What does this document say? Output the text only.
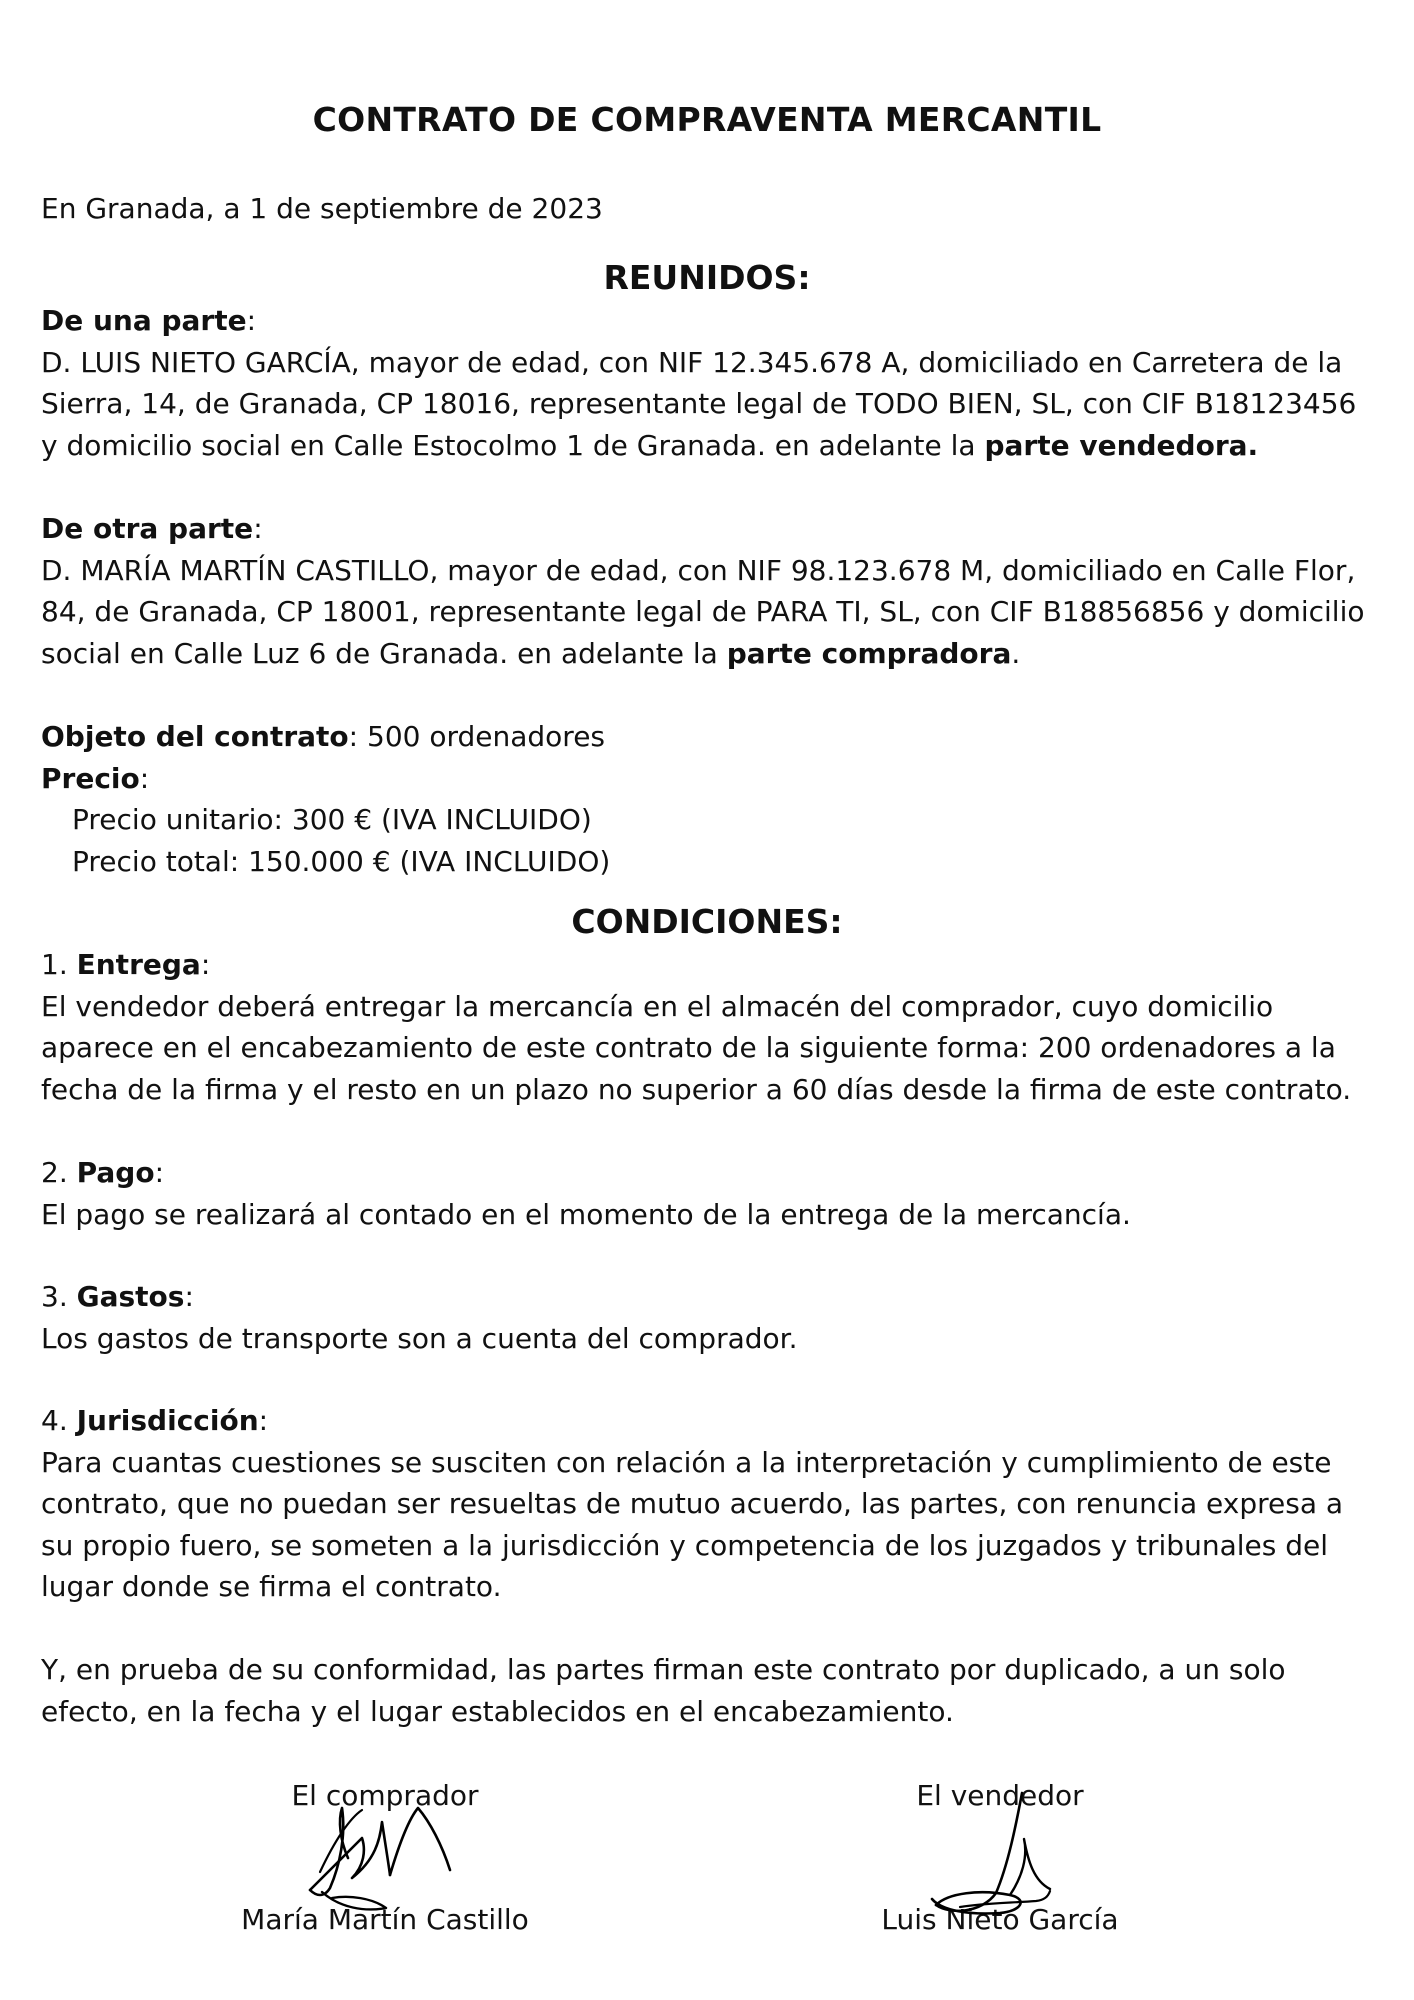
CONTRATO DE COMPRAVENTA MERCANTIL

En Granada, a 1 de septiembre de 2023

REUNIDOS:
De una parte:
D. LUIS NIETO GARCÍA, mayor de edad, con NIF 12.345.678 A, domiciliado en Carretera de la Sierra, 14, de Granada, CP 18016, representante legal de TODO BIEN, SL, con CIF B18123456 y domicilio social en Calle Estocolmo 1 de Granada. en adelante la parte vendedora.
De otra parte:
D. MARÍA MARTÍN CASTILLO, mayor de edad, con NIF 98.123.678 M, domiciliado en Calle Flor, 84, de Granada, CP 18001, representante legal de PARA TI, SL, con CIF B18856856 y domicilio social en Calle Luz 6 de Granada. en adelante la parte compradora.
Objeto del contrato: 500 ordenadores
Precio:
Precio unitario: 300 € (IVA INCLUIDO)
Precio total: 150.000 € (IVA INCLUIDO)
CONDICIONES:
1. Entrega:
El vendedor deberá entregar la mercancía en el almacén del comprador, cuyo domicilio aparece en el encabezamiento de este contrato de la siguiente forma: 200 ordenadores a la fecha de la firma y el resto en un plazo no superior a 60 días desde la firma de este contrato.
2. Pago:
El pago se realizará al contado en el momento de la entrega de la mercancía.
3. Gastos:
Los gastos de transporte son a cuenta del comprador.
4. Jurisdicción:
Para cuantas cuestiones se susciten con relación a la interpretación y cumplimiento de este contrato, que no puedan ser resueltas de mutuo acuerdo, las partes, con renuncia expresa a su propio fuero, se someten a la jurisdicción y competencia de los juzgados y tribunales del lugar donde se firma el contrato.

Y, en prueba de su conformidad, las partes firman este contrato por duplicado, a un solo efecto, en la fecha y el lugar establecidos en el encabezamiento.

El comprador
María Martín Castillo
El vendedor
Luis Nieto García
